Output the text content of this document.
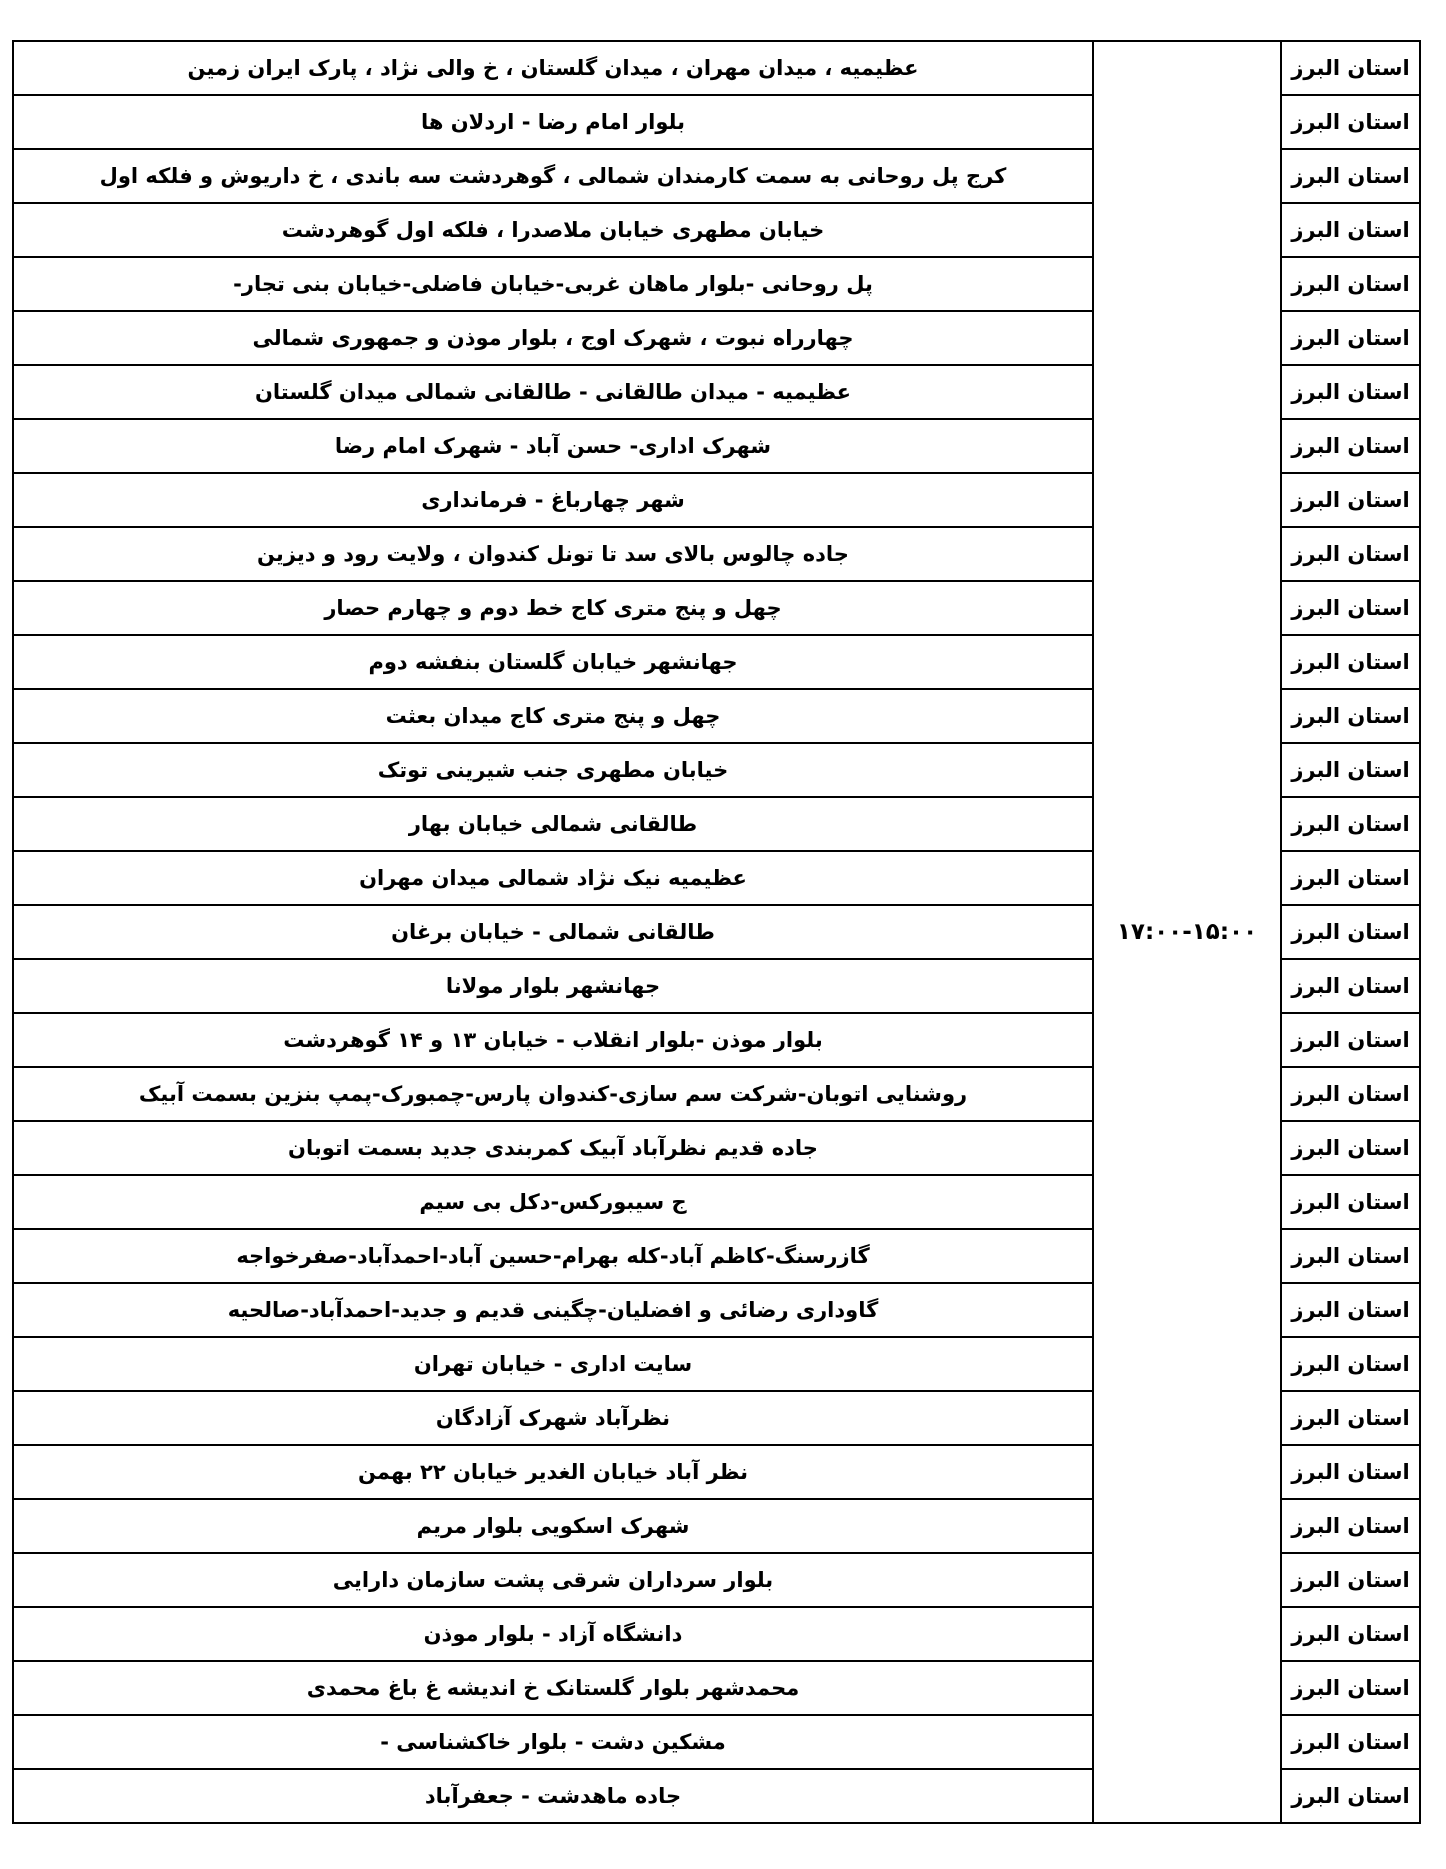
استان البرز	۱۷:۰۰-۱۵:۰۰	عظیمیه ، میدان مهران ، میدان گلستان ، خ والی نژاد ، پارک ایران زمین
استان البرز		بلوار امام رضا - اردلان ها
استان البرز		کرج پل روحانی به سمت کارمندان شمالی ، گوهردشت سه باندی ، خ داریوش و فلکه اول
استان البرز		خیابان مطهری خیابان ملاصدرا ، فلکه اول گوهردشت
استان البرز		پل روحانی -بلوار ماهان غربی-خیابان فاضلی-خیابان بنی تجار-
استان البرز		چهارراه نبوت ، شهرک اوج ، بلوار موذن و جمهوری شمالی
استان البرز		عظیمیه - میدان طالقانی - طالقانی شمالی میدان گلستان
استان البرز		شهرک اداری- حسن آباد - شهرک امام رضا
استان البرز		شهر چهارباغ - فرمانداری
استان البرز		جاده چالوس بالای سد تا تونل کندوان ، ولایت رود و دیزین
استان البرز		چهل و پنج متری کاج خط دوم و چهارم حصار
استان البرز		جهانشهر خیابان گلستان بنفشه دوم
استان البرز		چهل و پنج متری کاج میدان بعثت
استان البرز		خیابان مطهری جنب شیرینی توتک
استان البرز		طالقانی شمالی خیابان بهار
استان البرز		عظیمیه نیک نژاد شمالی میدان مهران
استان البرز		طالقانی شمالی - خیابان برغان
استان البرز		جهانشهر بلوار مولانا
استان البرز		بلوار موذن -بلوار انقلاب - خیابان ۱۳ و ۱۴ گوهردشت
استان البرز		روشنایی اتوبان-شرکت سم سازی-کندوان پارس-چمبورک-پمپ بنزین بسمت آبیک
استان البرز		جاده قدیم نظرآباد آبیک کمربندی جدید بسمت اتوبان
استان البرز		ج سیبورکس-دکل بی سیم
استان البرز		گازرسنگ-کاظم آباد-کله بهرام-حسین آباد-احمدآباد-صفرخواجه
استان البرز		گاوداری رضائی و افضلیان-چگینی قدیم و جدید-احمدآباد-صالحیه
استان البرز		سایت اداری - خیابان تهران
استان البرز		نظرآباد شهرک آزادگان
استان البرز		نظر آباد خیابان الغدیر خیابان ۲۲ بهمن
استان البرز		شهرک اسکویی بلوار مریم
استان البرز		بلوار سرداران شرقی پشت سازمان دارایی
استان البرز		دانشگاه آزاد - بلوار موذن
استان البرز		محمدشهر بلوار گلستانک خ اندیشه غ باغ محمدی
استان البرز		مشکین دشت - بلوار خاکشناسی -
استان البرز		جاده ماهدشت - جعفرآباد
